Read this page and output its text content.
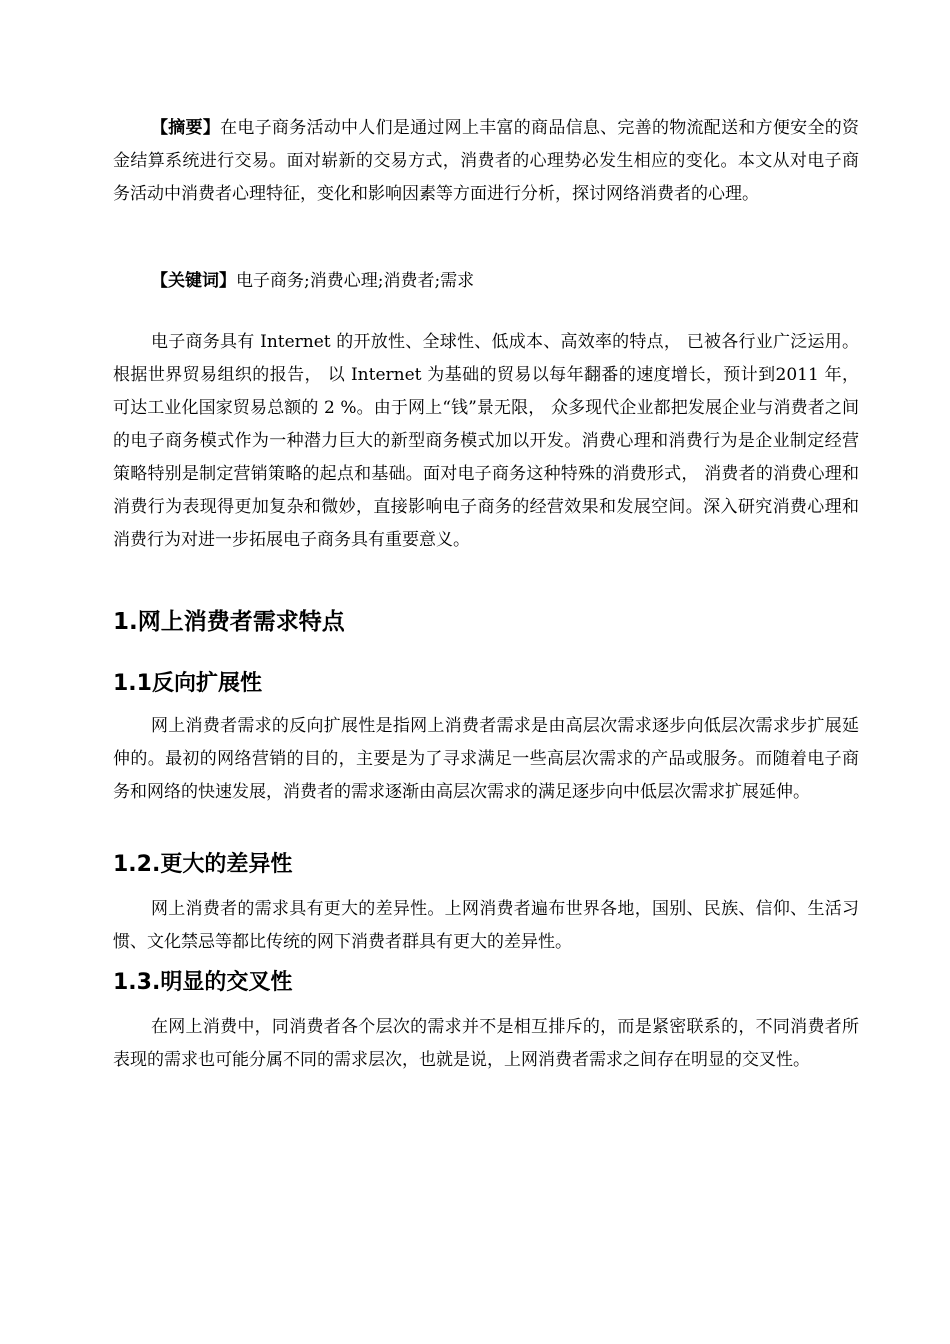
【摘要】在电子商务活动中人们是通过网上丰富的商品信息、完善的物流配送和方便安全的资金结算系统进行交易。面对崭新的交易方式，消费者的心理势必发生相应的变化。本文从对电子商务活动中消费者心理特征，变化和影响因素等方面进行分析，探讨网络消费者的心理。

【关键词】电子商务;消费心理;消费者;需求

电子商务具有 Internet 的开放性、全球性、低成本、高效率的特点， 已被各行业广泛运用。根据世界贸易组织的报告， 以 Internet 为基础的贸易以每年翻番的速度增长，预计到2011 年， 可达工业化国家贸易总额的 2 %。由于网上“钱”景无限， 众多现代企业都把发展企业与消费者之间的电子商务模式作为一种潜力巨大的新型商务模式加以开发。消费心理和消费行为是企业制定经营策略特别是制定营销策略的起点和基础。面对电子商务这种特殊的消费形式， 消费者的消费心理和消费行为表现得更加复杂和微妙，直接影响电子商务的经营效果和发展空间。深入研究消费心理和消费行为对进一步拓展电子商务具有重要意义。

1.网上消费者需求特点
1.1反向扩展性

网上消费者需求的反向扩展性是指网上消费者需求是由高层次需求逐步向低层次需求步扩展延伸的。最初的网络营销的目的，主要是为了寻求满足一些高层次需求的产品或服务。而随着电子商务和网络的快速发展，消费者的需求逐渐由高层次需求的满足逐步向中低层次需求扩展延伸。

1.2.更大的差异性

网上消费者的需求具有更大的差异性。上网消费者遍布世界各地，国别、民族、信仰、生活习惯、文化禁忌等都比传统的网下消费者群具有更大的差异性。

1.3.明显的交叉性

在网上消费中，同消费者各个层次的需求并不是相互排斥的，而是紧密联系的，不同消费者所表现的需求也可能分属不同的需求层次，也就是说，上网消费者需求之间存在明显的交叉性。
